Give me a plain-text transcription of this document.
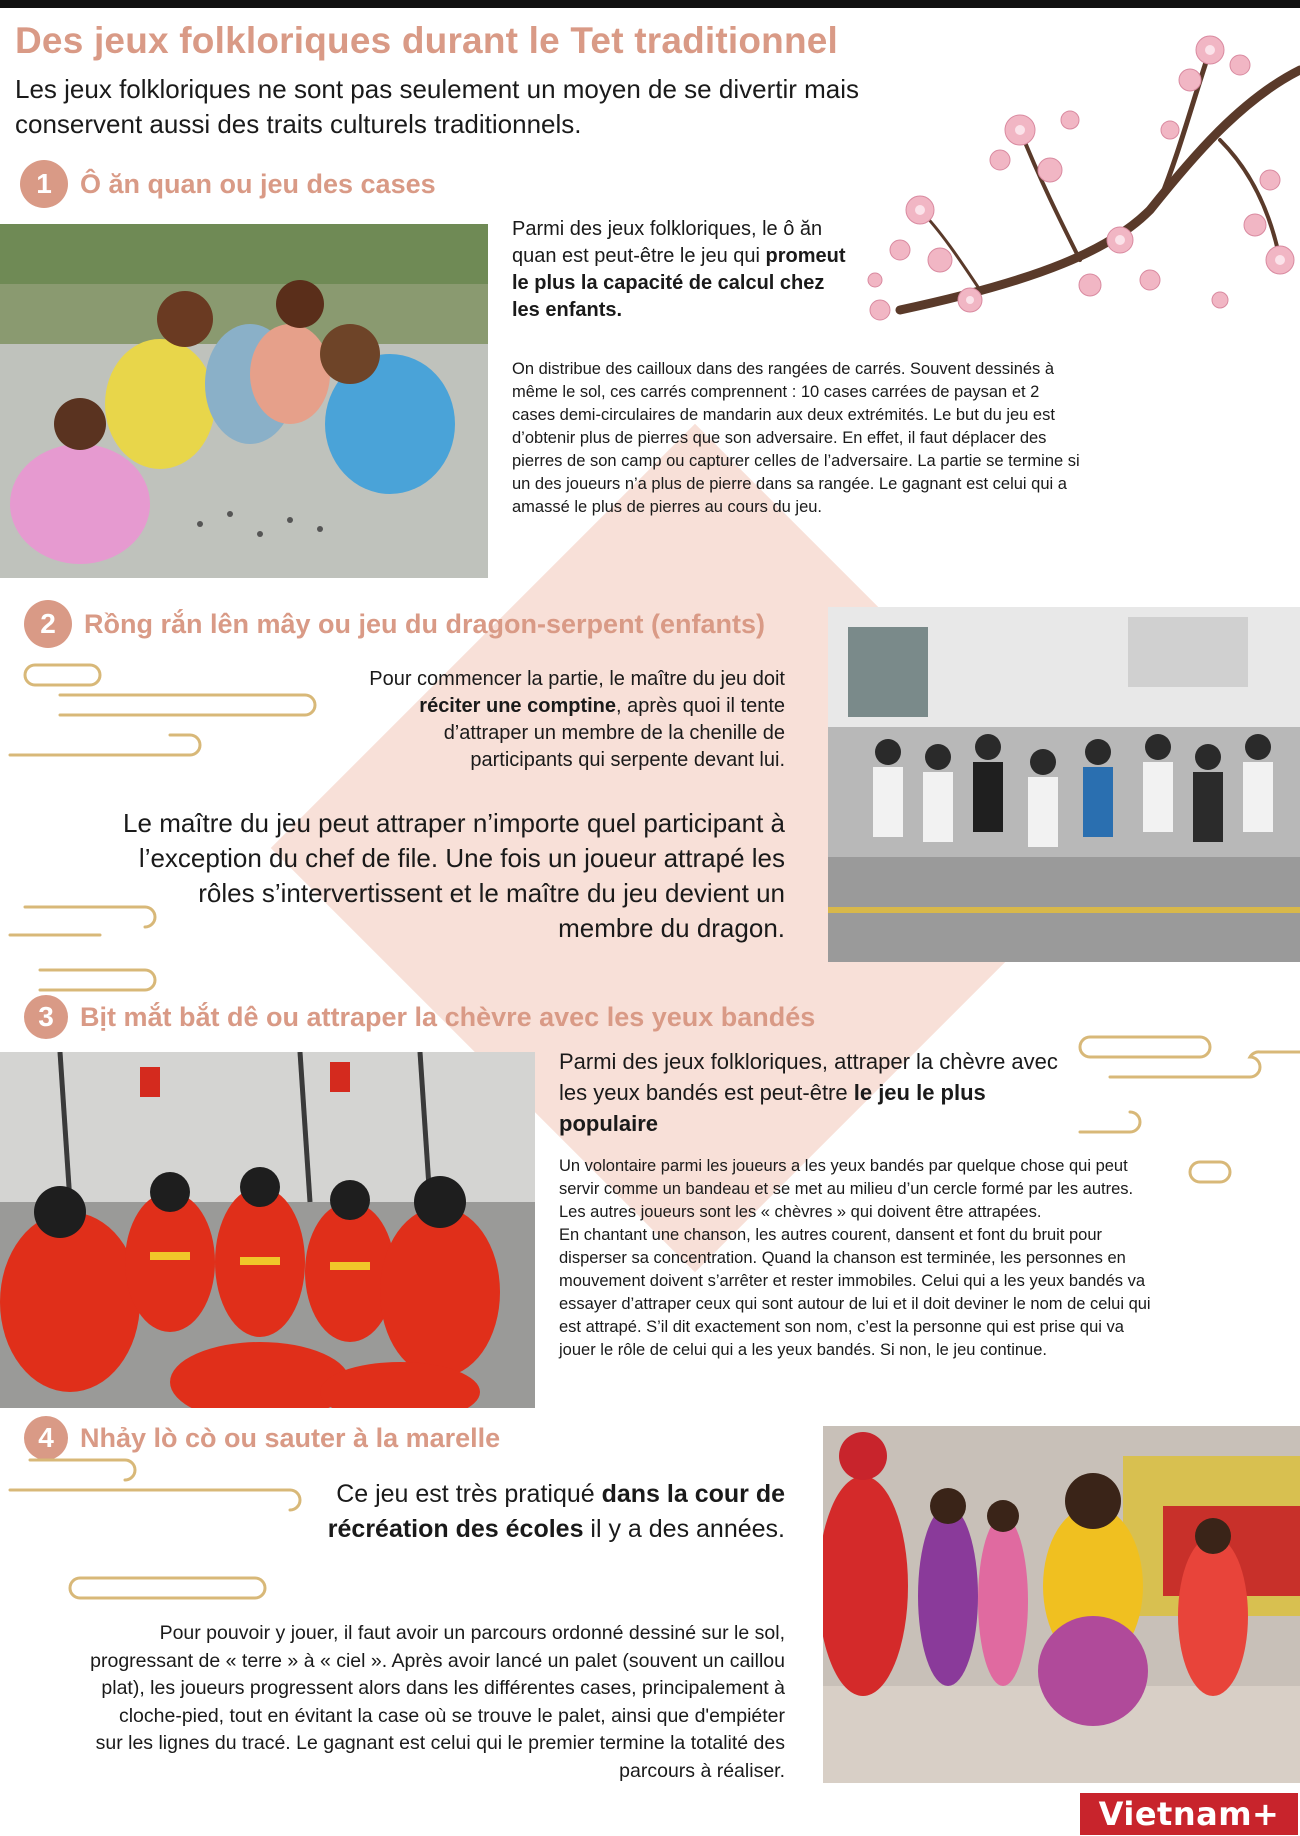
Des jeux folkloriques durant le Tet traditionnel

Les jeux folkloriques ne sont pas seulement un moyen de se divertir mais conservent aussi des traits culturels traditionnels.

1	Ô ăn quan ou jeu des cases

Parmi des jeux folkloriques, le ô ăn quan est peut-être le jeu qui promeut le plus la capacité de calcul chez les enfants.

On distribue des cailloux dans des rangées de carrés. Souvent dessinés à même le sol, ces carrés comprennent : 10 cases carrées de paysan et 2 cases demi-circulaires de mandarin aux deux extrémités. Le but du jeu est d’obtenir plus de pierres que son adversaire. En effet, il faut déplacer des pierres de son camp ou capturer celles de l’adversaire. La partie se termine si un des joueurs n’a plus de pierre dans sa rangée. Le gagnant est celui qui a amassé le plus de pierres au cours du jeu.

2	Rồng rắn lên mây ou jeu du dragon-serpent (enfants)

Pour commencer la partie, le maître du jeu doit réciter une comptine, après quoi il tente d’attraper un membre de la chenille de participants qui serpente devant lui.

Le maître du jeu peut attraper n’importe quel participant à l’exception du chef de file. Une fois un joueur attrapé les rôles s’intervertissent et le maître du jeu devient un membre du dragon.

3 Bịt mắt bắt dê ou attraper la chèvre avec les yeux bandés

Parmi des jeux folkloriques, attraper la chèvre avec les yeux bandés est peut-être le jeu le plus populaire

Un volontaire parmi les joueurs a les yeux bandés par quelque chose qui peut servir comme un bandeau et se met au milieu d’un cercle formé par les autres. Les autres joueurs sont les « chèvres » qui doivent être attrapées.
En chantant une chanson, les autres courent, dansent et font du bruit pour disperser sa concentration. Quand la chanson est terminée, les personnes en mouvement doivent s’arrêter et rester immobiles. Celui qui a les yeux bandés va essayer d’attraper ceux qui sont autour de lui et il doit deviner le nom de celui qui est attrapé. S’il dit exactement son nom, c’est la personne qui est prise qui va jouer le rôle de celui qui a les yeux bandés. Si non, le jeu continue.

4 Nhảy lò cò ou sauter à la marelle

Ce jeu est très pratiqué dans la cour de récréation des écoles il y a des années.

Pour pouvoir y jouer, il faut avoir un parcours ordonné dessiné sur le sol, progressant de « terre » à « ciel ». Après avoir lancé un palet (souvent un caillou plat), les joueurs progressent alors dans les différentes cases, principalement à cloche-pied, tout en évitant la case où se trouve le palet, ainsi que d'empiéter sur les lignes du tracé. Le gagnant est celui qui le premier termine la totalité des parcours à réaliser.

Vietnam+
